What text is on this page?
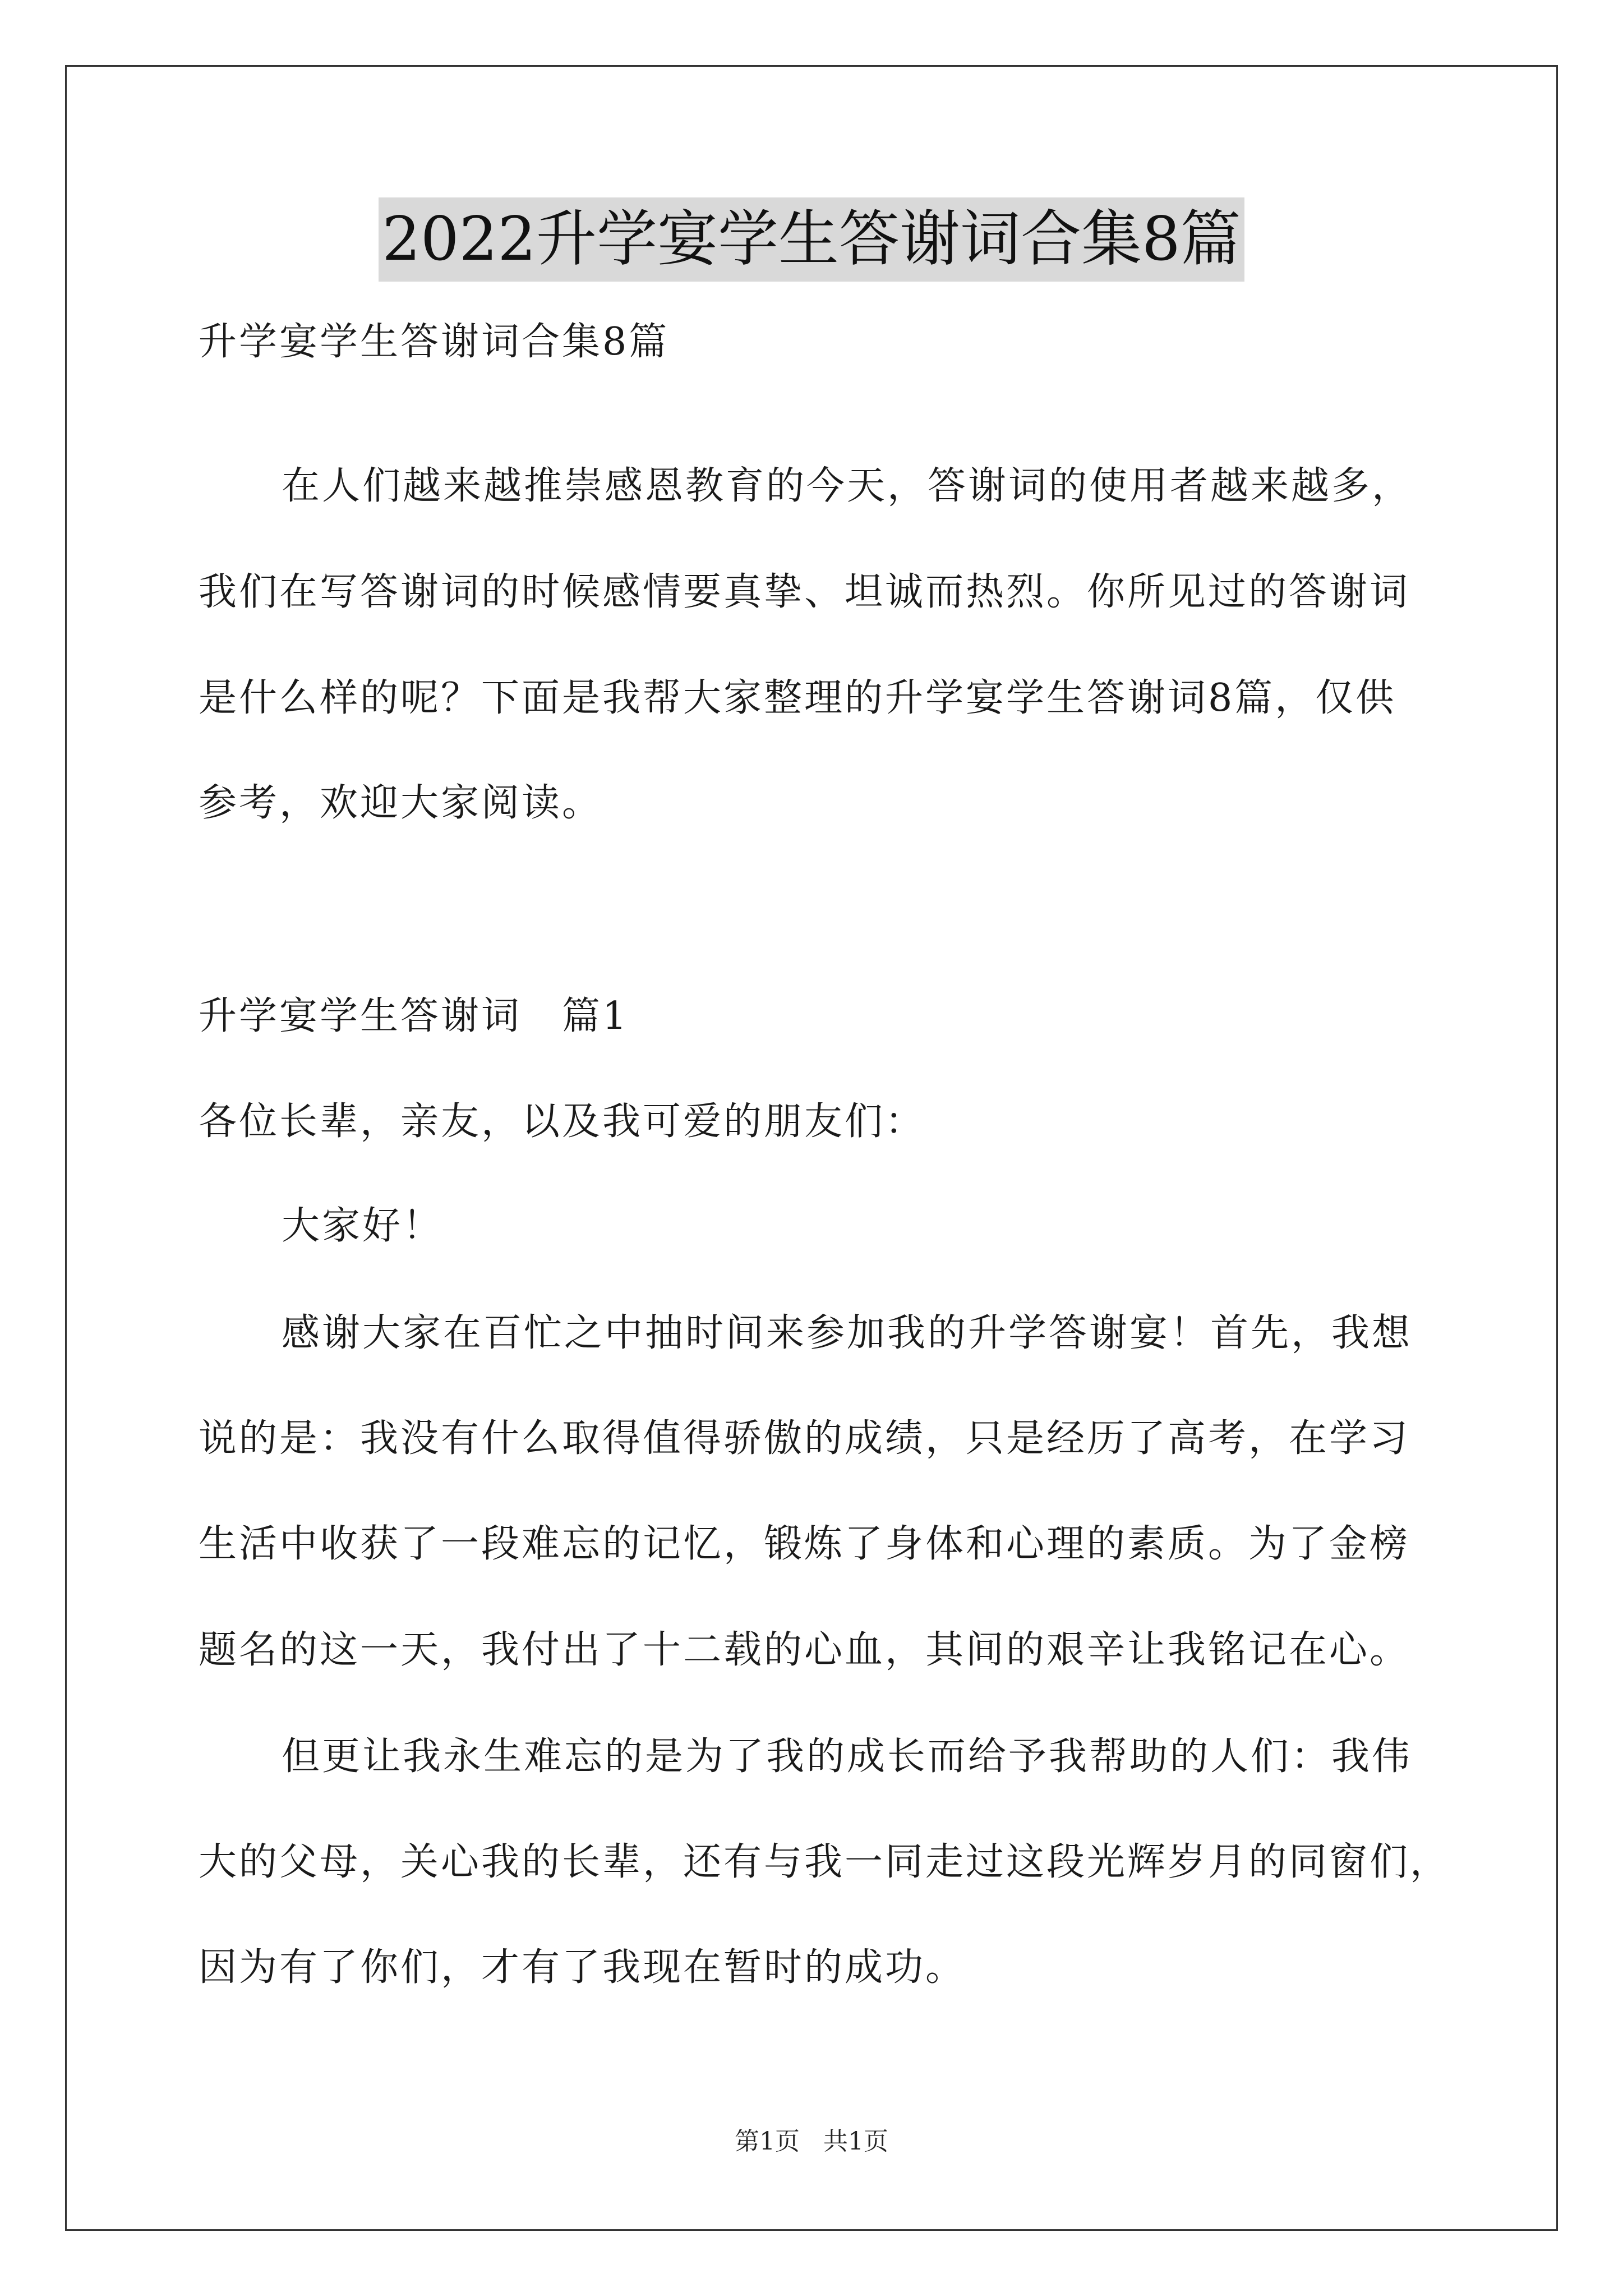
2022升学宴学生答谢词合集8篇
升学宴学生答谢词合集8篇
在人们越来越推崇感恩教育的今天，答谢词的使用者越来越多，
我们在写答谢词的时候感情要真挚、坦诚而热烈。你所见过的答谢词
是什么样的呢？下面是我帮大家整理的升学宴学生答谢词8篇，仅供
参考，欢迎大家阅读。
升学宴学生答谢词　篇1
各位长辈，亲友，以及我可爱的朋友们：
大家好！
感谢大家在百忙之中抽时间来参加我的升学答谢宴！首先，我想
说的是：我没有什么取得值得骄傲的成绩，只是经历了高考，在学习
生活中收获了一段难忘的记忆，锻炼了身体和心理的素质。为了金榜
题名的这一天，我付出了十二载的心血，其间的艰辛让我铭记在心。
但更让我永生难忘的是为了我的成长而给予我帮助的人们：我伟
大的父母，关心我的长辈，还有与我一同走过这段光辉岁月的同窗们，
因为有了你们，才有了我现在暂时的成功。
第1页 共1页
